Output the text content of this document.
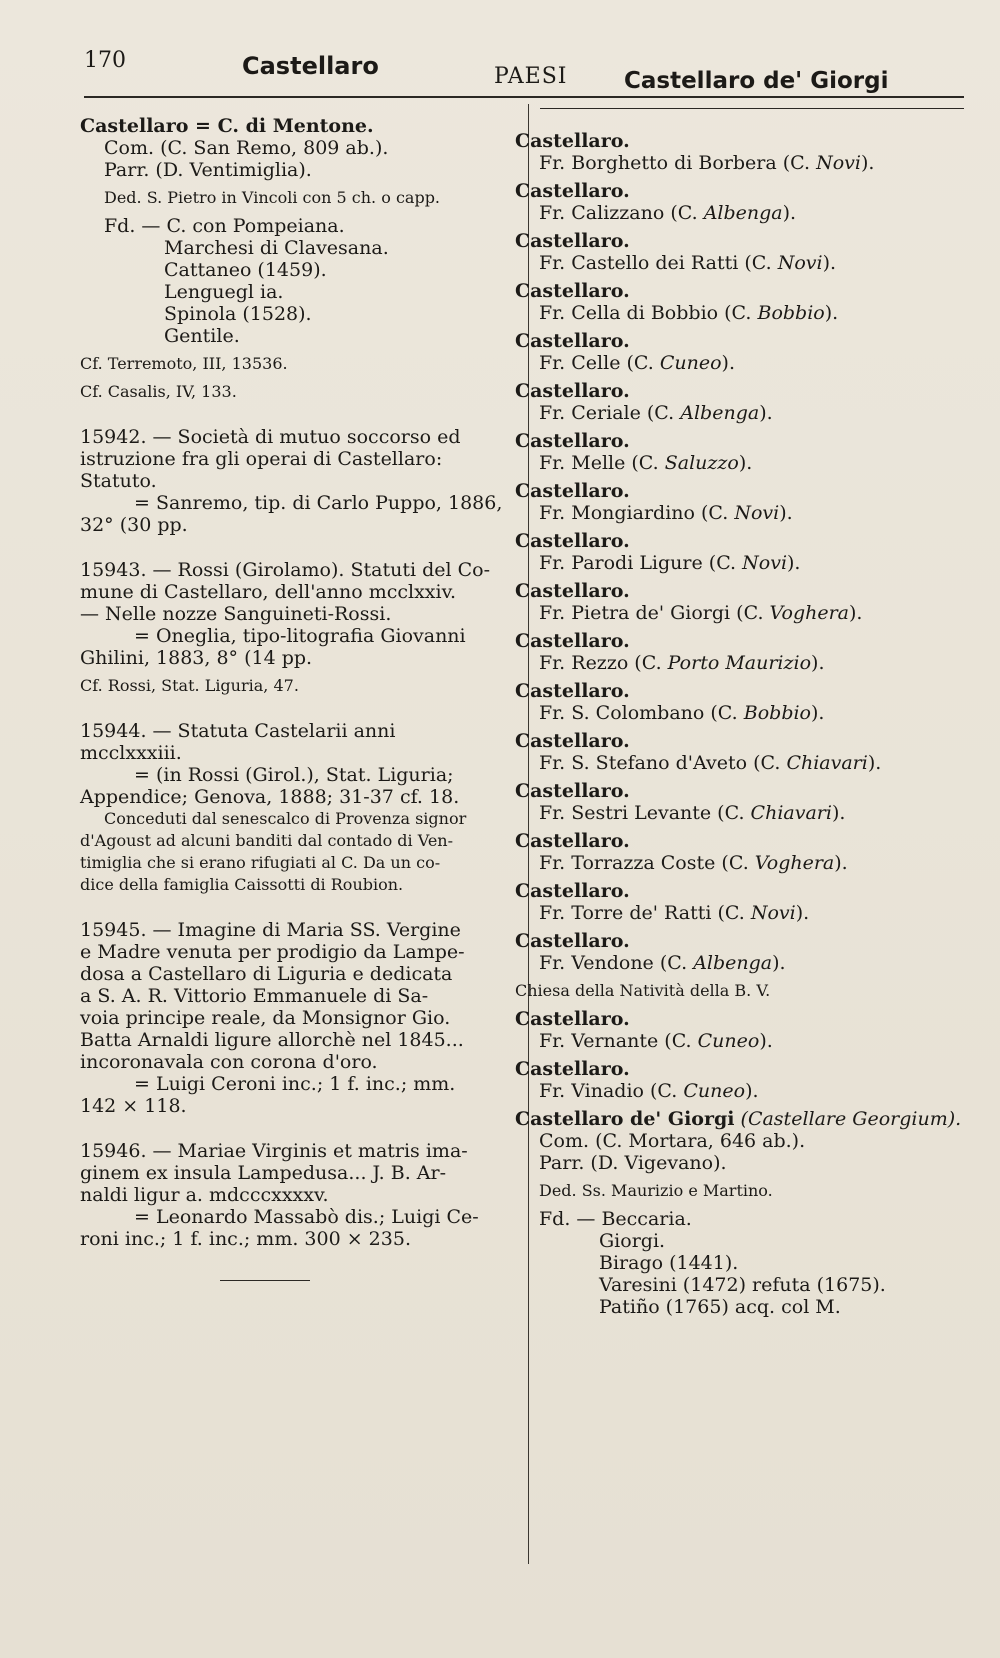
170	Castellaro	PAESI Castellaro de' Giorgi
Castellaro = C. di Mentone.
Com. (C. San Remo, 809 ab.).
Parr. (D. Ventimiglia).
Ded. S. Pietro in Vincoli con 5 ch. o capp.
Fd. — C. con Pompeiana.
Marchesi di Clavesana.
Cattaneo (1459).
Lenguegl ia.
Spinola (1528).
Gentile.
Cf. Terremoto, III, 13536.
Cf. Casalis, IV, 133.
15942. — Società di mutuo soccorso ed
istruzione fra gli operai di Castellaro:
Statuto.
= Sanremo, tip. di Carlo Puppo, 1886,
32° (30 pp.
15943. — Rossi (Girolamo). Statuti del Co-
mune di Castellaro, dell'anno mcclxxiv.
— Nelle nozze Sanguineti-Rossi.
= Oneglia, tipo-litografia Giovanni
Ghilini, 1883, 8° (14 pp.
Cf. Rossi, Stat. Liguria, 47.
15944. — Statuta Castelarii anni
mcclxxxiii.
= (in Rossi (Girol.), Stat. Liguria;
Appendice; Genova, 1888; 31-37 cf. 18.
Conceduti dal senescalco di Provenza signor
d'Agoust ad alcuni banditi dal contado di Ven-
timiglia che si erano rifugiati al C. Da un co-
dice della famiglia Caissotti di Roubion.
15945. — Imagine di Maria SS. Vergine
e Madre venuta per prodigio da Lampe-
dosa a Castellaro di Liguria e dedicata
a S. A. R. Vittorio Emmanuele di Sa-
voia principe reale, da Monsignor Gio.
Batta Arnaldi ligure allorchè nel 1845...
incoronavala con corona d'oro.
= Luigi Ceroni inc.; 1 f. inc.; mm.
142 × 118.
15946. — Mariae Virginis et matris ima-
ginem ex insula Lampedusa... J. B. Ar-
naldi ligur a. mdcccxxxxv.
= Leonardo Massabò dis.; Luigi Ce-
roni inc.; 1 f. inc.; mm. 300 × 235.
Castellaro.
Fr. Borghetto di Borbera (C. Novi).
Castellaro.
Fr. Calizzano (C. Albenga).
Castellaro.
Fr. Castello dei Ratti (C. Novi).
Castellaro.
Fr. Cella di Bobbio (C. Bobbio).
Castellaro.
Fr. Celle (C. Cuneo).
Castellaro.
Fr. Ceriale (C. Albenga).
Castellaro.
Fr. Melle (C. Saluzzo).
Castellaro.
Fr. Mongiardino (C. Novi).
Castellaro.
Fr. Parodi Ligure (C. Novi).
Castellaro.
Fr. Pietra de' Giorgi (C. Voghera).
Castellaro.
Fr. Rezzo (C. Porto Maurizio).
Castellaro.
Fr. S. Colombano (C. Bobbio).
Castellaro.
Fr. S. Stefano d'Aveto (C. Chiavari).
Castellaro.
Fr. Sestri Levante (C. Chiavari).
Castellaro.
Fr. Torrazza Coste (C. Voghera).
Castellaro.
Fr. Torre de' Ratti (C. Novi).
Castellaro.
Fr. Vendone (C. Albenga).
Chiesa della Natività della B. V.
Castellaro.
Fr. Vernante (C. Cuneo).
Castellaro.
Fr. Vinadio (C. Cuneo).
Castellaro de' Giorgi (Castellare Georgium).
Com. (C. Mortara, 646 ab.).
Parr. (D. Vigevano).
Ded. Ss. Maurizio e Martino.
Fd. — Beccaria.
Giorgi.
Birago (1441).
Varesini (1472) refuta (1675).
Patiño (1765) acq. col M.
